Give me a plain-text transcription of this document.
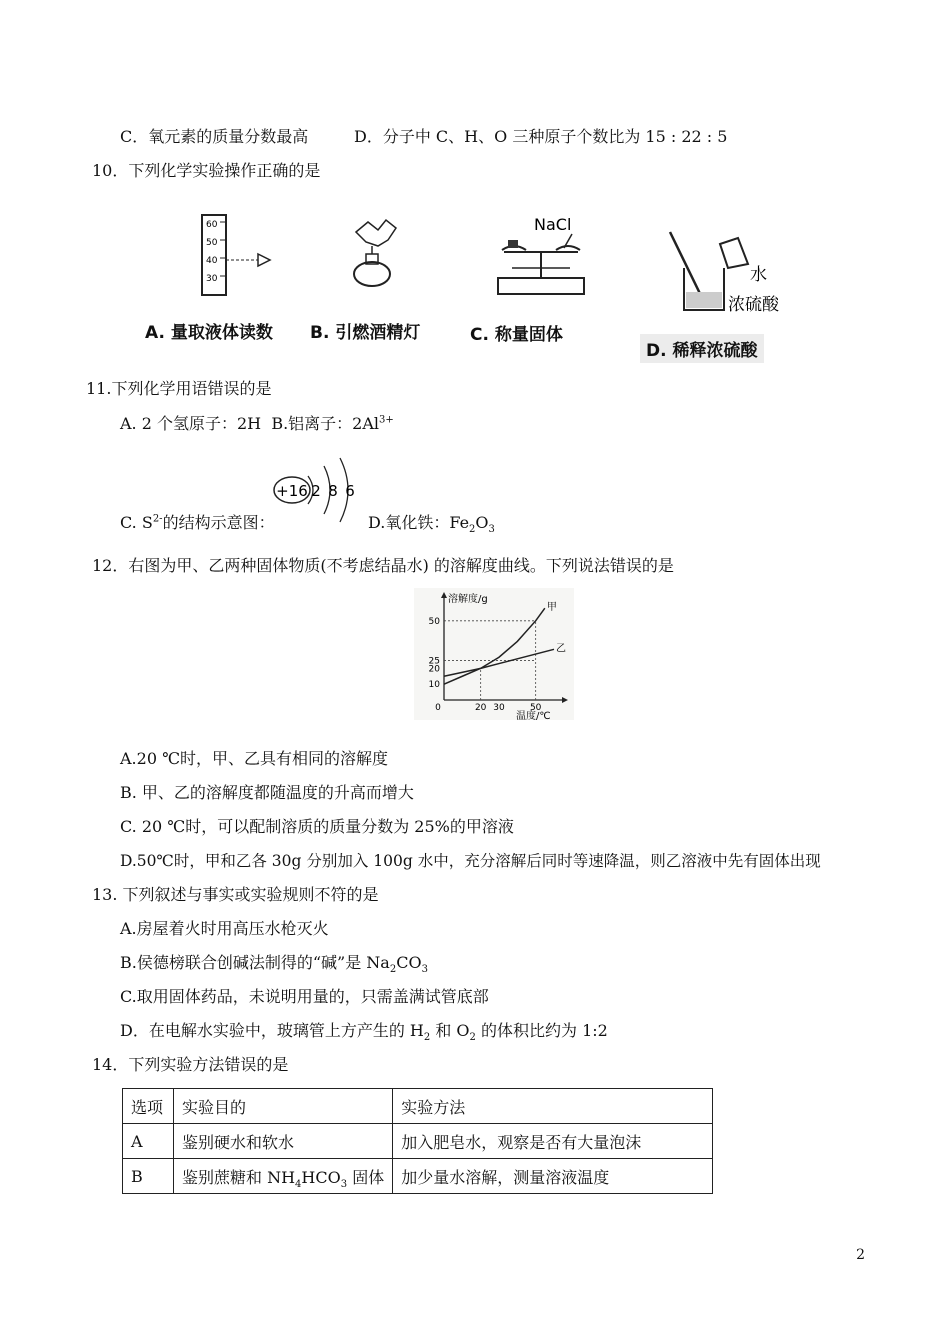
C．氧元素的质量分数最高	D．分子中 C、H、O 三种原子个数比为 15 : 22 : 5
10．下列化学实验操作正确的是
60
50
40
30
NaCl
水
浓硫酸
A. 量取液体读数 B. 引燃酒精灯	C. 称量固体
D. 稀释浓硫酸
11.下列化学用语错误的是
A. 2 个氢原子：2H B.铝离子：$2Al^{3+}$
+16 2 8 6
C. $S^{2-}$的结构示意图：	D.氧化铁：$Fe_2O_3$
12．右图为甲、乙两种固体物质(不考虑结晶水) 的溶解度曲线。下列说法错误的是
溶解度/g
温度/℃
50
25
20
10
0	20 30	50
甲
乙
A.20 ℃时，甲、乙具有相同的溶解度
B. 甲、乙的溶解度都随温度的升高而增大
C. 20 ℃时，可以配制溶质的质量分数为 25%的甲溶液
D.50℃时，甲和乙各 30g 分别加入 100g 水中，充分溶解后同时等速降温，则乙溶液中先有固体出现
13. 下列叙述与事实或实验规则不符的是
A.房屋着火时用高压水枪灭火
B.侯德榜联合创碱法制得的“碱”是 $Na_2CO_3$
C.取用固体药品，未说明用量的，只需盖满试管底部
D．在电解水实验中，玻璃管上方产生的 $H_2$ 和 $O_2$ 的体积比约为 1:2
14．下列实验方法错误的是
选项	实验目的	实验方法
A	鉴别硬水和软水	加入肥皂水，观察是否有大量泡沫
B	鉴别蔗糖和 $NH_4HCO_3$ 固体	加少量水溶解，测量溶液温度
2
